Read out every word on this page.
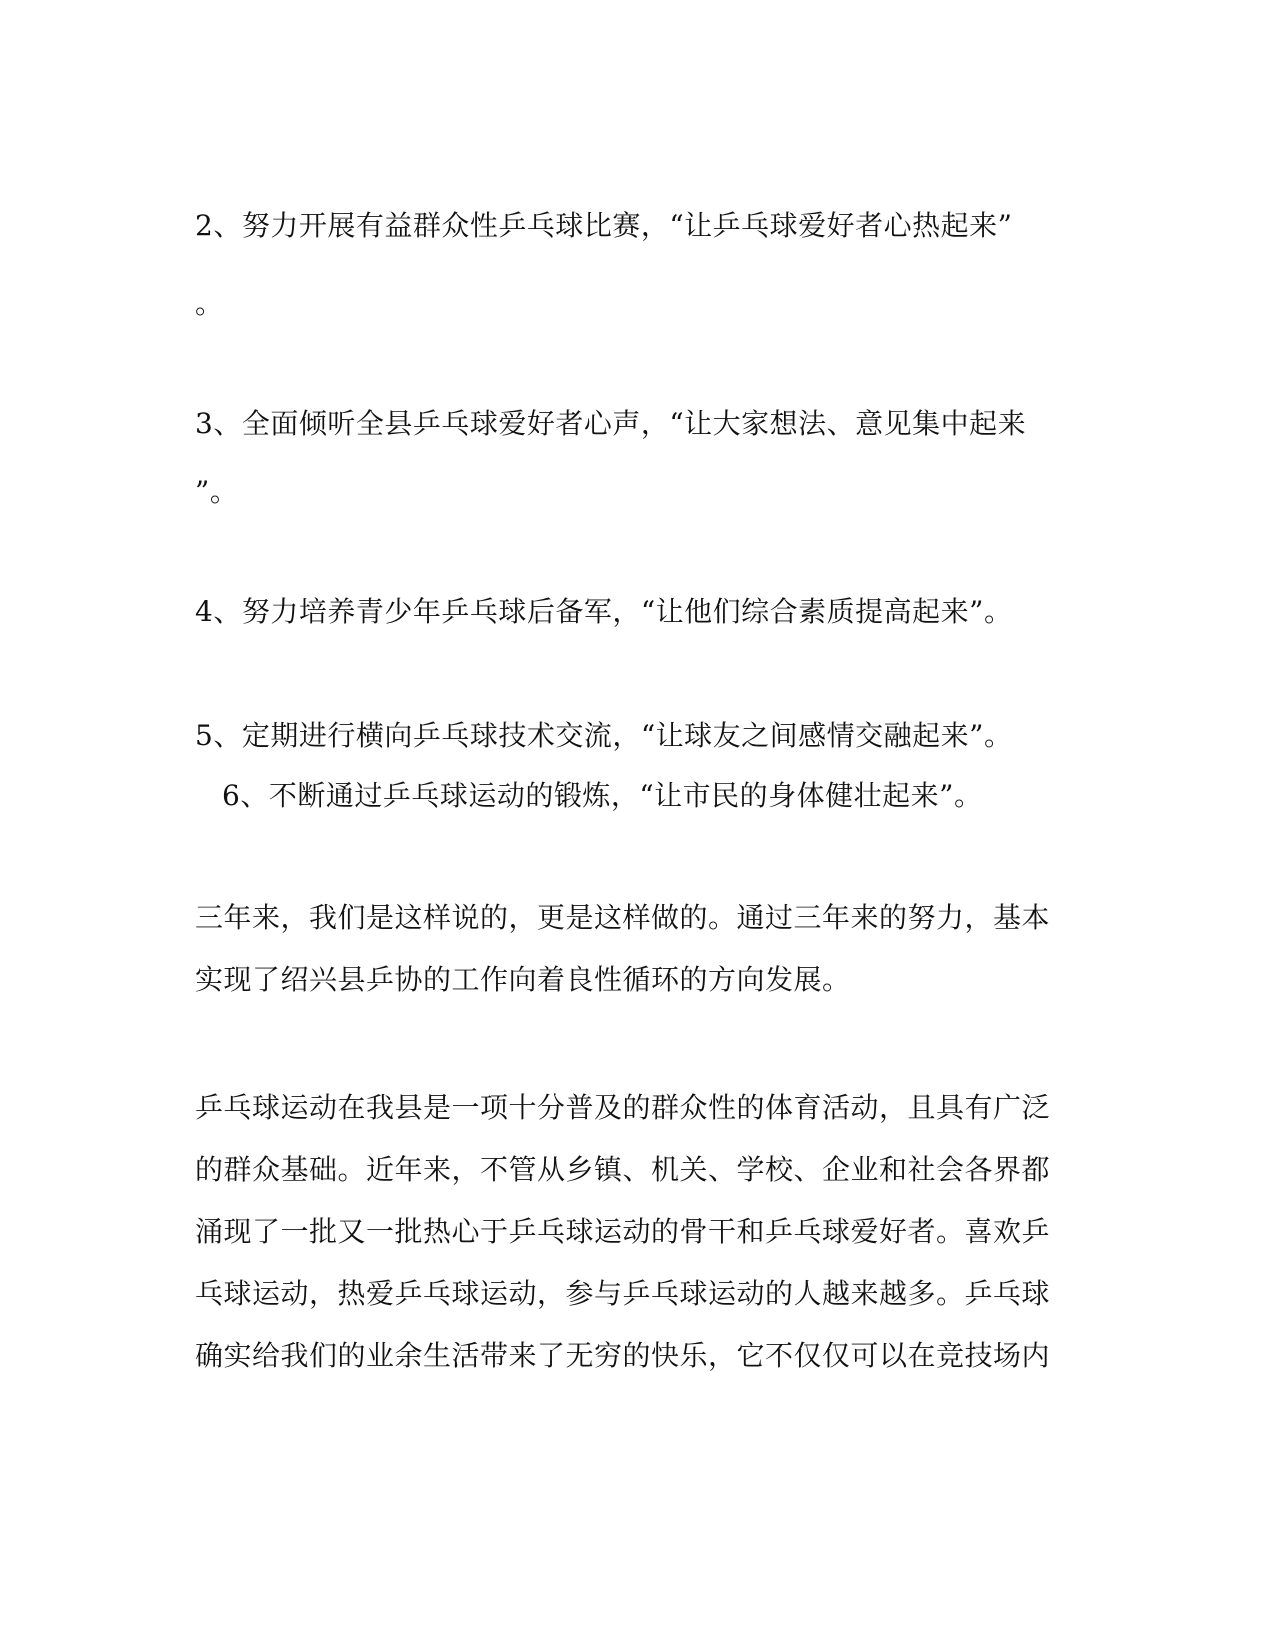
2、努力开展有益群众性乒乓球比赛，“让乒乓球爱好者心热起来”
。
3、全面倾听全县乒乓球爱好者心声，“让大家想法、意见集中起来
”。
4、努力培养青少年乒乓球后备军，“让他们综合素质提高起来”。
5、定期进行横向乒乓球技术交流，“让球友之间感情交融起来”。
6、不断通过乒乓球运动的锻炼，“让市民的身体健壮起来”。
三年来，我们是这样说的，更是这样做的。通过三年来的努力，基本
实现了绍兴县乒协的工作向着良性循环的方向发展。
乒乓球运动在我县是一项十分普及的群众性的体育活动，且具有广泛
的群众基础。近年来，不管从乡镇、机关、学校、企业和社会各界都
涌现了一批又一批热心于乒乓球运动的骨干和乒乓球爱好者。喜欢乒
乓球运动，热爱乒乓球运动，参与乒乓球运动的人越来越多。乒乓球
确实给我们的业余生活带来了无穷的快乐，它不仅仅可以在竞技场内
